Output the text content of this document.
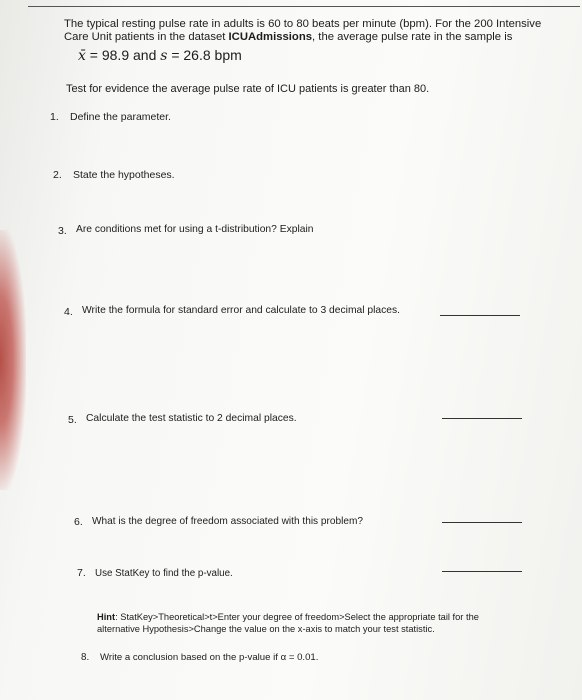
The typical resting pulse rate in adults is 60 to 80 beats per minute (bpm). For the 200 Intensive
Care Unit patients in the dataset ICUAdmissions, the average pulse rate in the sample is
x̄ = 98.9 and s = 26.8 bpm
Test for evidence the average pulse rate of ICU patients is greater than 80.
1. Define the parameter.
2. State the hypotheses.
3. Are conditions met for using a t-distribution? Explain
4. Write the formula for standard error and calculate to 3 decimal places.
5. Calculate the test statistic to 2 decimal places.
6. What is the degree of freedom associated with this problem?
7. Use StatKey to find the p-value.
Hint: StatKey>Theoretical>t>Enter your degree of freedom>Select the appropriate tail for the
alternative Hypothesis>Change the value on the x-axis to match your test statistic.
8. Write a conclusion based on the p-value if α = 0.01.
